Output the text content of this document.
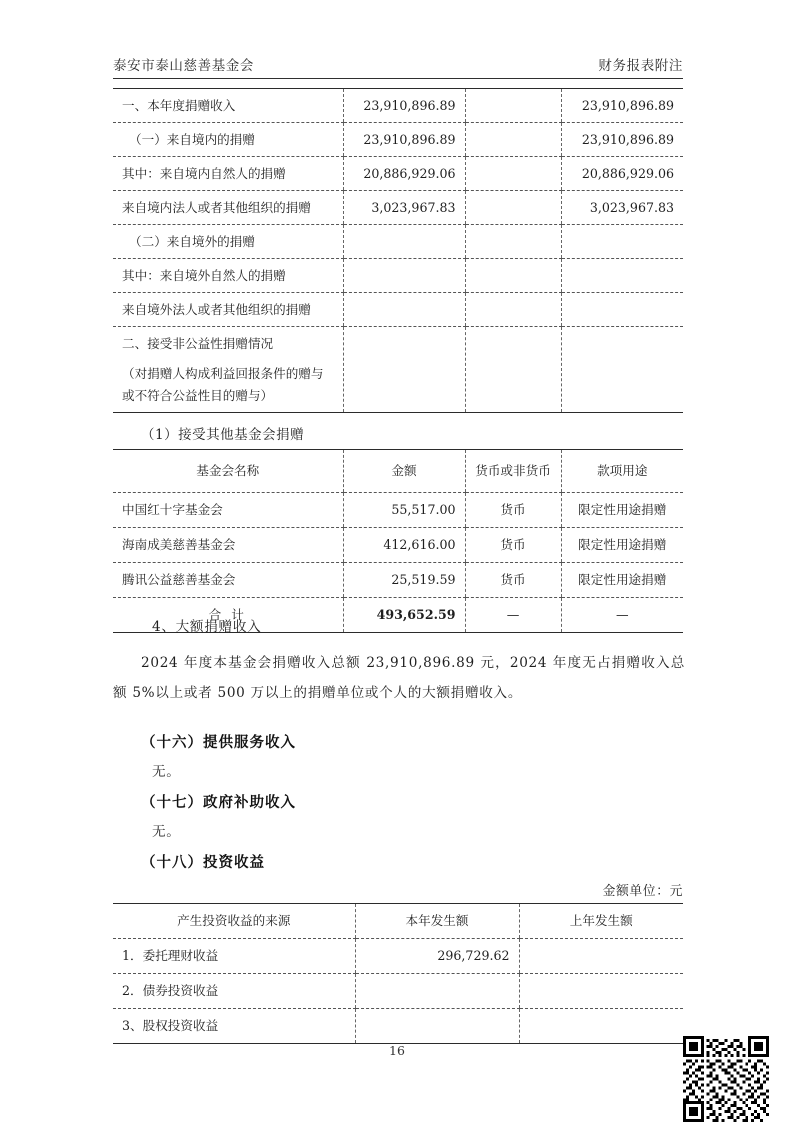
泰安市泰山慈善基金会	财务报表附注
一、本年度捐赠收入	23,910,896.89		23,910,896.89
（一）来自境内的捐赠	23,910,896.89		23,910,896.89
其中：来自境内自然人的捐赠	20,886,929.06		20,886,929.06
来自境内法人或者其他组织的捐赠	3,023,967.83		3,023,967.83
（二）来自境外的捐赠			
其中：来自境外自然人的捐赠			
来自境外法人或者其他组织的捐赠			

二、接受非公益性捐赠情况
（对捐赠人构成利益回报条件的赠与或不符合公益性目的赠与）			

（1）接受其他基金会捐赠
基金会名称	金额	货币或非货币	款项用途
中国红十字基金会	55,517.00	货币	限定性用途捐赠
海南成美慈善基金会	412,616.00	货币	限定性用途捐赠
腾讯公益慈善基金会	25,519.59	货币	限定性用途捐赠
合 计	493,652.59	—	—
4、大额捐赠收入
2024 年度本基金会捐赠收入总额 23,910,896.89 元，2024 年度无占捐赠收入总额 5%以上或者 500 万以上的捐赠单位或个人的大额捐赠收入。
（十六）提供服务收入
无。
（十七）政府补助收入
无。
（十八）投资收益
金额单位：元
产生投资收益的来源	本年发生额	上年发生额
1．委托理财收益	296,729.62	
2．债券投资收益		
3、股权投资收益		
16
